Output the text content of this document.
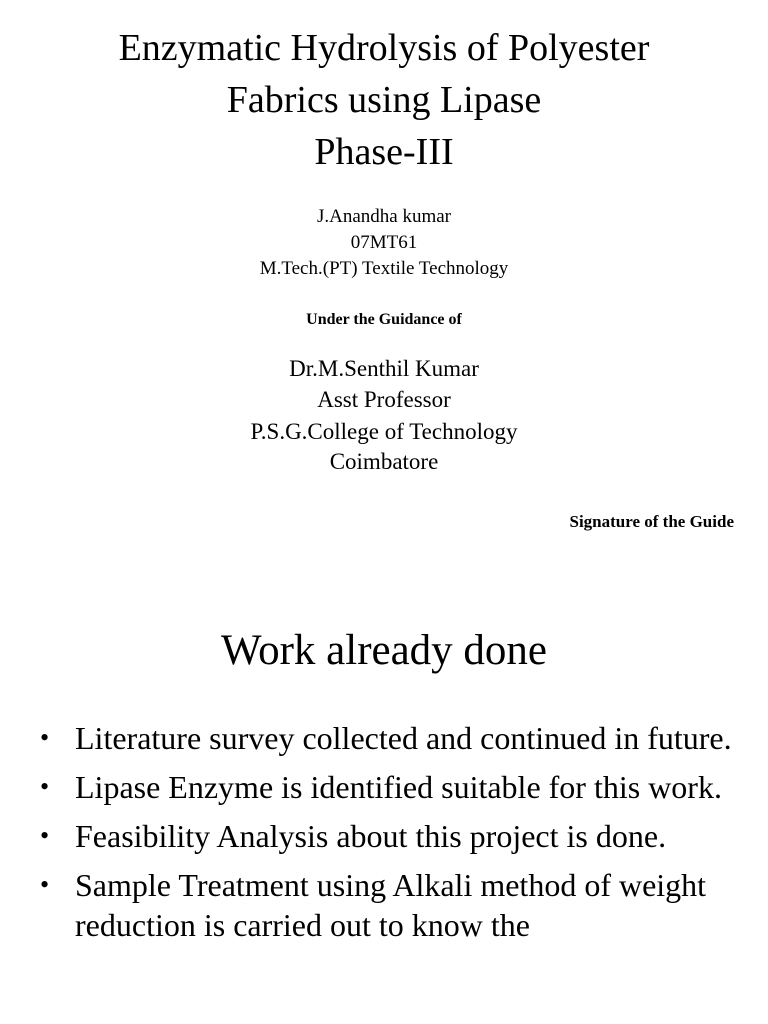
Enzymatic Hydrolysis of Polyester
Fabrics using Lipase
Phase-III
J.Anandha kumar
07MT61
M.Tech.(PT) Textile Technology
Under the Guidance of
Dr.M.Senthil Kumar
Asst Professor
P.S.G.College of Technology
Coimbatore
Signature of the Guide
Work already done
• Literature survey collected and continued in future.
• Lipase Enzyme is identified suitable for this work.
• Feasibility Analysis about this project is done.
• Sample Treatment using Alkali method of weight reduction is carried out to know the
